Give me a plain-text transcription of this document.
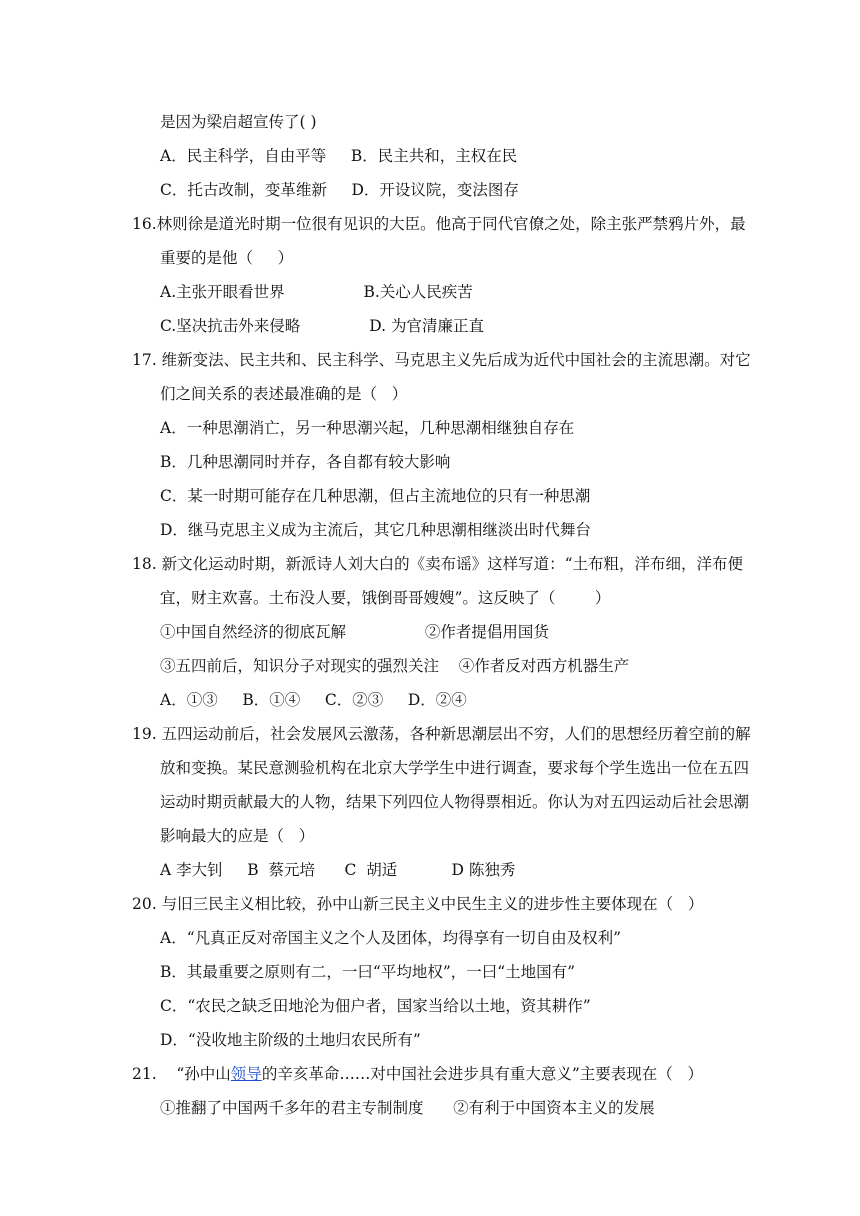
是因为梁启超宣传了( )
A．民主科学，自由平等     B．民主共和，主权在民
C．托古改制，变革维新     D．开设议院，变法图存
16.林则徐是道光时期一位很有见识的大臣。他高于同代官僚之处，除主张严禁鸦片外，最
重要的是他（     ）
A.主张开眼看世界                B.关心人民疾苦
C.坚决抗击外来侵略              D. 为官清廉正直
17. 维新变法、民主共和、民主科学、马克思主义先后成为近代中国社会的主流思潮。对它
们之间关系的表述最准确的是（   ）
A．一种思潮消亡，另一种思潮兴起，几种思潮相继独自存在
B．几种思潮同时并存，各自都有较大影响
C．某一时期可能存在几种思潮，但占主流地位的只有一种思潮
D．继马克思主义成为主流后，其它几种思潮相继淡出时代舞台
18. 新文化运动时期，新派诗人刘大白的《卖布谣》这样写道：“土布粗，洋布细，洋布便
宜，财主欢喜。土布没人要，饿倒哥哥嫂嫂”。这反映了（        ）
①中国自然经济的彻底瓦解                ②作者提倡用国货
③五四前后，知识分子对现实的强烈关注    ④作者反对西方机器生产
A．①③     B．①④     C．②③     D．②④
19. 五四运动前后，社会发展风云激荡，各种新思潮层出不穷，人们的思想经历着空前的解
放和变换。某民意测验机构在北京大学学生中进行调查，要求每个学生选出一位在五四
运动时期贡献最大的人物，结果下列四位人物得票相近。你认为对五四运动后社会思潮
影响最大的应是（   ）
A 李大钊     B  蔡元培      C  胡适           D 陈独秀
20. 与旧三民主义相比较，孙中山新三民主义中民生主义的进步性主要体现在（   ）
A．“凡真正反对帝国主义之个人及团体，均得享有一切自由及权利”
B．其最重要之原则有二，一曰“平均地权”，一曰“土地国有”
C．“农民之缺乏田地沦为佃户者，国家当给以土地，资其耕作”
D．“没收地主阶级的土地归农民所有”
21.    “孙中山领导的辛亥革命……对中国社会进步具有重大意义”主要表现在（   ）
①推翻了中国两千多年的君主专制制度      ②有利于中国资本主义的发展
